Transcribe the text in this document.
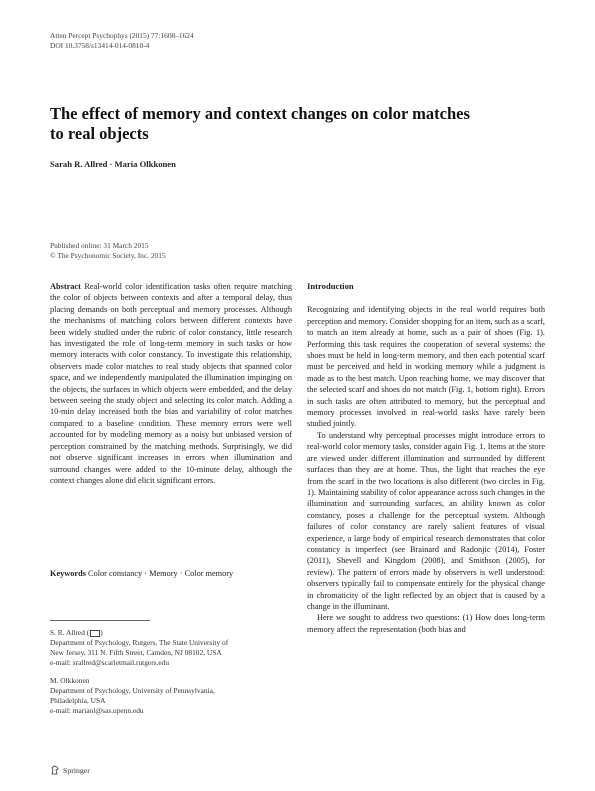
Atten Percept Psychophys (2015) 77:1608–1624
DOI 10.3758/s13414-014-0810-4
The effect of memory and context changes on color matches to real objects
Sarah R. Allred · Maria Olkkonen
Published online: 31 March 2015
© The Psychonomic Society, Inc. 2015

Abstract Real-world color identification tasks often require matching the color of objects between contexts and after a temporal delay, thus placing demands on both perceptual and memory processes. Although the mechanisms of matching colors between different contexts have been widely studied under the rubric of color constancy, little research has investigated the role of long-term memory in such tasks or how memory interacts with color constancy. To investigate this relationship, observers made color matches to real study objects that spanned color space, and we independently manipulated the illumination impinging on the objects, the surfaces in which objects were embedded, and the delay between seeing the study object and selecting its color match. Adding a 10-min delay increased both the bias and variability of color matches compared to a baseline condition. These memory errors were well accounted for by modeling memory as a noisy but unbiased version of perception constrained by the matching methods. Surprisingly, we did not observe significant increases in errors when illumination and surround changes were added to the 10-minute delay, although the context changes alone did elicit significant errors.

Keywords Color constancy · Memory · Color memory

S. R. Allred ( )
Department of Psychology, Rutgers, The State University of
New Jersey, 311 N. Fifth Street, Camden, NJ 08102, USA
e-mail: srallred@scarletmail.rutgers.edu
M. Olkkonen
Department of Psychology, University of Pennsylvania,
Philadelphia, USA
e-mail: mariaol@sas.upenn.edu
Springer

Introduction

Recognizing and identifying objects in the real world requires both perception and memory. Consider shopping for an item, such as a scarf, to match an item already at home, such as a pair of shoes (Fig. 1). Performing this task requires the cooperation of several systems: the shoes must be held in long-term memory, and then each potential scarf must be perceived and held in working memory while a judgment is made as to the best match. Upon reaching home, we may discover that the selected scarf and shoes do not match (Fig. 1, bottom right). Errors in such tasks are often attributed to memory, but the perceptual and memory processes involved in real-world tasks have rarely been studied jointly.

To understand why perceptual processes might introduce errors to real-world color memory tasks, consider again Fig. 1. Items at the store are viewed under different illumination and surrounded by different surfaces than they are at home. Thus, the light that reaches the eye from the scarf in the two locations is also different (two circles in Fig. 1). Maintaining stability of color appearance across such changes in the illumination and surrounding surfaces, an ability known as color constancy, poses a challenge for the perceptual system. Although failures of color constancy are rarely salient features of visual experience, a large body of empirical research demonstrates that color constancy is imperfect (see Brainard and Radonjic (2014), Foster (2011), Shevell and Kingdom (2008), and Smithson (2005), for review). The pattern of errors made by observers is well understood: observers typically fail to compensate entirely for the physical change in chromaticity of the light reflected by an object that is caused by a change in the illuminant.

Here we sought to address two questions: (1) How does long-term memory affect the representation (both bias and
